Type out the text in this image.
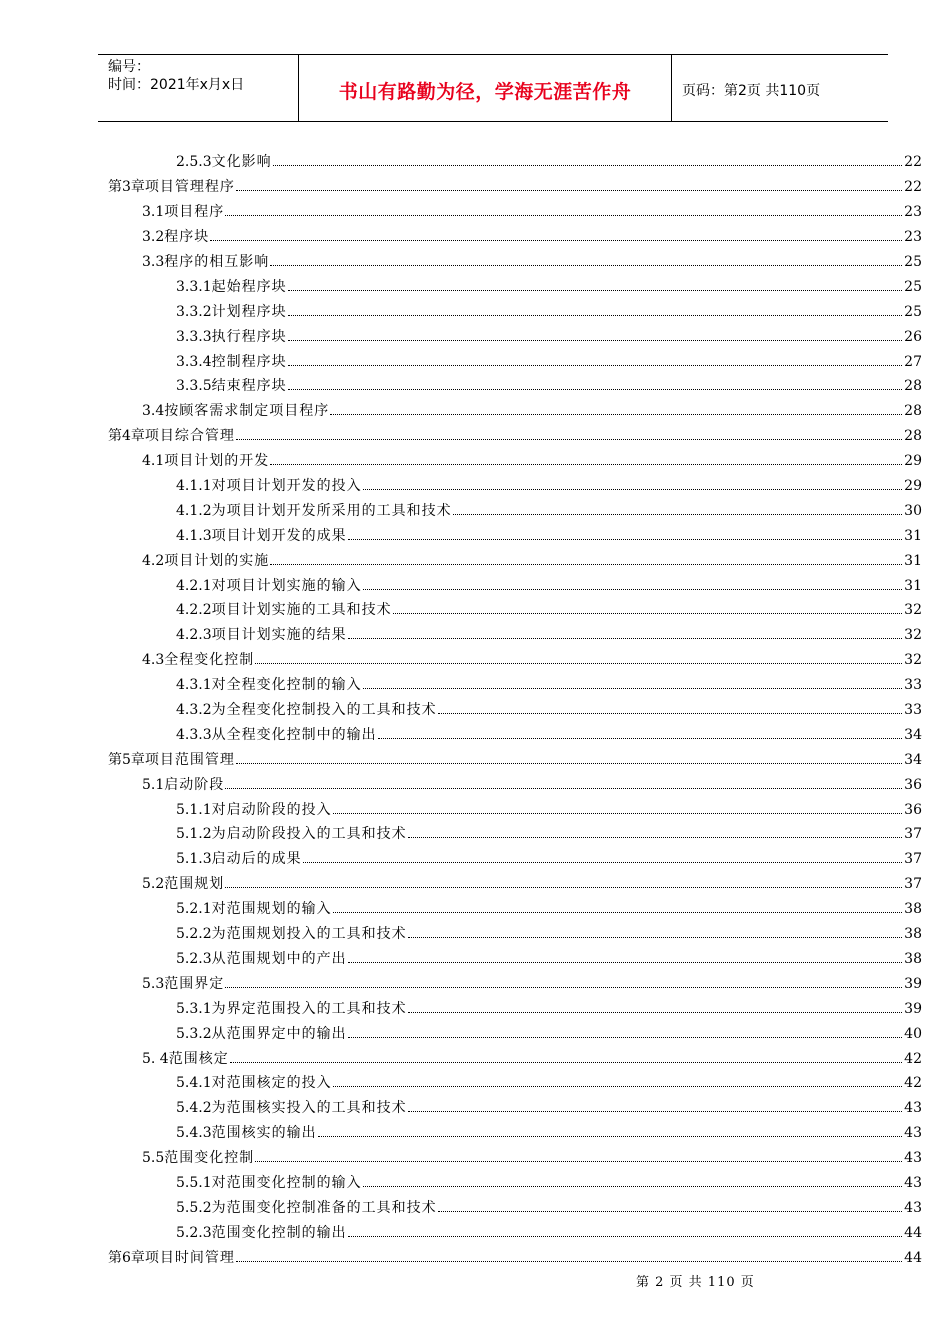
编号：
时间：2021年x月x日	书山有路勤为径，学海无涯苦作舟	页码：第2页 共110页
2.5.3 文化影响	22
第3章 项目管理程序	22
3.1 项目程序	23
3.2 程序块	23
3.3 程序的相互影响	25
3.3.1 起始程序块	25
3.3.2 计划程序块	25
3.3.3 执行程序块	26
3.3.4 控制程序块	27
3.3.5 结束程序块	28
3.4 按顾客需求制定项目程序	28
第4章 项目综合管理	28
4.1 项目计划的开发	29
4.1.1 对项目计划开发的投入	29
4.1.2 为项目计划开发所采用的工具和技术	30
4.1.3 项目计划开发的成果	31
4.2 项目计划的实施	31
4.2.1 对项目计划实施的输入	31
4.2.2 项目计划实施的工具和技术	32
4.2.3 项目计划实施的结果	32
4.3 全程变化控制	32
4.3.1 对全程变化控制的输入	33
4.3.2 为全程变化控制投入的工具和技术	33
4.3.3 从全程变化控制中的输出	34
第5章 项目范围管理	34
5.1 启动阶段	36
5.1.1 对启动阶段的投入	36
5.1.2 为启动阶段投入的工具和技术	37
5.1.3 启动后的成果	37
5.2 范围规划	37
5.2.1 对范围规划的输入	38
5.2.2 为范围规划投入的工具和技术	38
5.2.3 从范围规划中的产出	38
5.3 范围界定	39
5.3.1 为界定范围投入的工具和技术	39
5.3.2 从范围界定中的输出	40
5. 4 范围核定	42
5.4.1 对范围核定的投入	42
5.4.2 为范围核实投入的工具和技术	43
5.4.3 范围核实的输出	43
5.5 范围变化控制	43
5.5.1 对范围变化控制的输入	43
5.5.2 为范围变化控制准备的工具和技术	43
5.2.3 范围变化控制的输出	44
第6章 项目时间管理	44
第 2 页 共 110 页
